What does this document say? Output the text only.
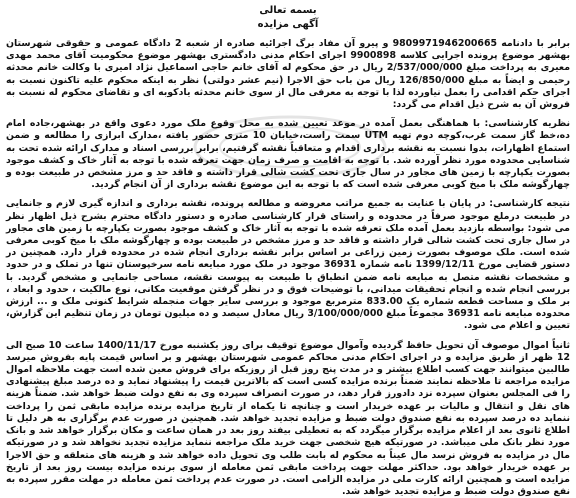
بسمه تعالی
آگهی مزایده

برابر با دادنامه 9809971946200665 و پیرو آن مفاد برگ اجرائیه صادره از شعبه 2 دادگاه عمومی و حقوقی شهرستان بهشهر موضوع پرونده اجرایی کلاسه 9900898 اجرای احکام مدنی دادگستری بهشهر موضوع محکومیت آقای محمد مهدی معیری به پرداخت مبلغ 2/537/000/000 ریال در حق محکوم له آقای خانم حاجی اسماعیل نژاد امیری با وکالت خانم محدثه رحیمی و ایضاً به مبلغ 126/850/000 ریال من باب حق الاجرا (نیم عشر دولتی) نظر به اینکه محکوم علیه تاکنون نسبت به اجرای حکم اقدامی را بعمل نیاورده لذا با توجه به معرفی مال از سوی خانم محدثه یادکوبه ای و تقاضای محکوم له نسبت به فروش آن به شرح ذیل اقدام می گردد:

نظریه کارشناسی: با هماهنگی بعمل آمده در موعد تعیین شده به محل وقوع ملک مورد دعوی واقع در بهشهر،جاده امام ده،خط گاز سمت غرب،کوچه دوم تهیه UTM سمت راست،خیابان 10 متری حضور یافته ،مدارک ابرازی را مطالعه و ضمن استماع اظهارات، بدوا نسبت به نقشه برداری اقدام و متعاقباً نقشه گرفتیم، برابر بررسی اسناد و مدارک ارائه شده تحت به شناسایی محدوده مورد نظر آورده شد. با توجه به اقامت و صرف زمان جهت تعرفه شده با توجه به آثار خاک و کشف موجود بصورت یکپارچه با زمین های مجاور در سال جاری تحت کشت شالی قرار داشته و فاقد حد و مرز مشخص در طبیعت بوده و چهارگوشه ملک با میخ کوبی معرفی شده است که با توجه به این موضوع نقشه برداری از آن انجام گردید.

نتیجه کارشناسی: در پایان با عنایت به جمیع مراتب معروضه و مطالعه پرونده، نقشه برداری و اندازه گیری لازم و جانمایی در طبیعت درملع موجود صرفاً در محدوده و راستای قرار کارشناسی صادره و دستور دادگاه محترم بشرح ذیل اظهار نظر می شود: بواسطه بازدید بعمل آمده ملک تعرفه شده با توجه به آثار خاک و کشف موجود بصورت یکپارچه با زمین های مجاور در سال جاری تحت کشت شالی قرار داشته و فاقد حد و مرز مشخص در طبیعت بوده و چهارگوشه ملک با میخ کوبی معرفی شده است. ملک موصوف بصورت زمین زراعی بر اساس برابر نقشه برداری انجام شده در محدوده قرار دارد. همچنین در دستور قضایی مورخ 1399/12/11 نامه شماره 36931 موجود در ملک مورد مبایعه نامه سرخپوستان تنها در تملک و در حدود و مشخصات نقشه متصل به مبایعه نامه ضمن انطباق با طبیعت به پیوست نقشه، مساحی جانمایی و مشخص گردید. با بررسی انجام شده و انجام تحقیقات میدانی، با توضیحات فوق و در نظر گرفتن موقعیت مکانی، نوع مالکیت ، حدود و ابعاد ، بر ملک و مساحت قطعه شماره یک 833.00 مترمربع موجود و بررسی سایر جهات منجمله شرایط کنونی ملک و ... ارزش محدوده مبایعه نامه 36931 مجموعاً مبلغ 3/100/000/000 ریال معادل سیصد و ده میلیون تومان در زمان تنظیم این گزارش، تعیین و اعلام می شود.

ثانیاً اموال موصوف آن تحویل حافظ گردیده وآموال موضوع توقیف برای روز یکشنبه مورخ 1400/11/17 ساعت 10 صبح الی 12 ظهر از طریق مزایده و در اجرای احکام مدنی محاکم عمومی شهرستان بهشهر و بر اساس قیمت پایه بفروش میرسد طالبین میتوانند جهت کسب اطلاع بیشتر و در مدت پنج روز قبل از روزیکه برای فروش معین شده است جهت ملاحظه اموال مزایده مراجعه تا ملاحظه نمایند ضمناً برنده مزایده کسی است که بالاترین قیمت را پیشنهاد نماید و ده درصد مبلغ پیشنهادی را فی المجلس بعنوان سپرده نزد دادورز قرار دهد، در صورت انصراف سپرده وی به نفع دولت ضبط خواهد شد. ضمناً هزینه های نقل و انتقال و مالیات بر عهده خریدار است و چنانچه تا یکماه از تاریخ مزایده برنده مزایده مابقی ثمن را پرداخت ننماید ده درصد سپرده به نفع صندوق دولت ضبط و مزایده تجدید خواهد شد. همچنین در صورت عدم برگزاری به هر دلیل تا اطلاع ثانوی بعد از اعلام مزایده برگزار میگردد که به تعطیلی بیفتد روز بعد در همان ساعت و مکان برگزار خواهد شد و بانک مورد نظر بانک ملی میباشد. در صورتیکه هیچ شخصی جهت خرید ملک مراجعه ننماید مزایده تجدید نخواهد شد و در صورتیکه مال در مزایده به فروش نرسد مال عیناً به محکوم له بابت طلب وی تحویل داده خواهد شد و هزینه های متعلقه و حق الاجرا بر عهده خریدار خواهد بود. حداکثر مهلت جهت پرداخت مابقی ثمن معامله از سوی برنده مزایده بیست روز بعد از تاریخ مزایده است و همچنین ارائه کارت ملی در مزایده الزامی است. در صورت عدم پرداخت ثمن معامله در مهلت مقرر سپرده به نفع صندوق دولت ضبط و مزایده تجدید خواهد شد.
